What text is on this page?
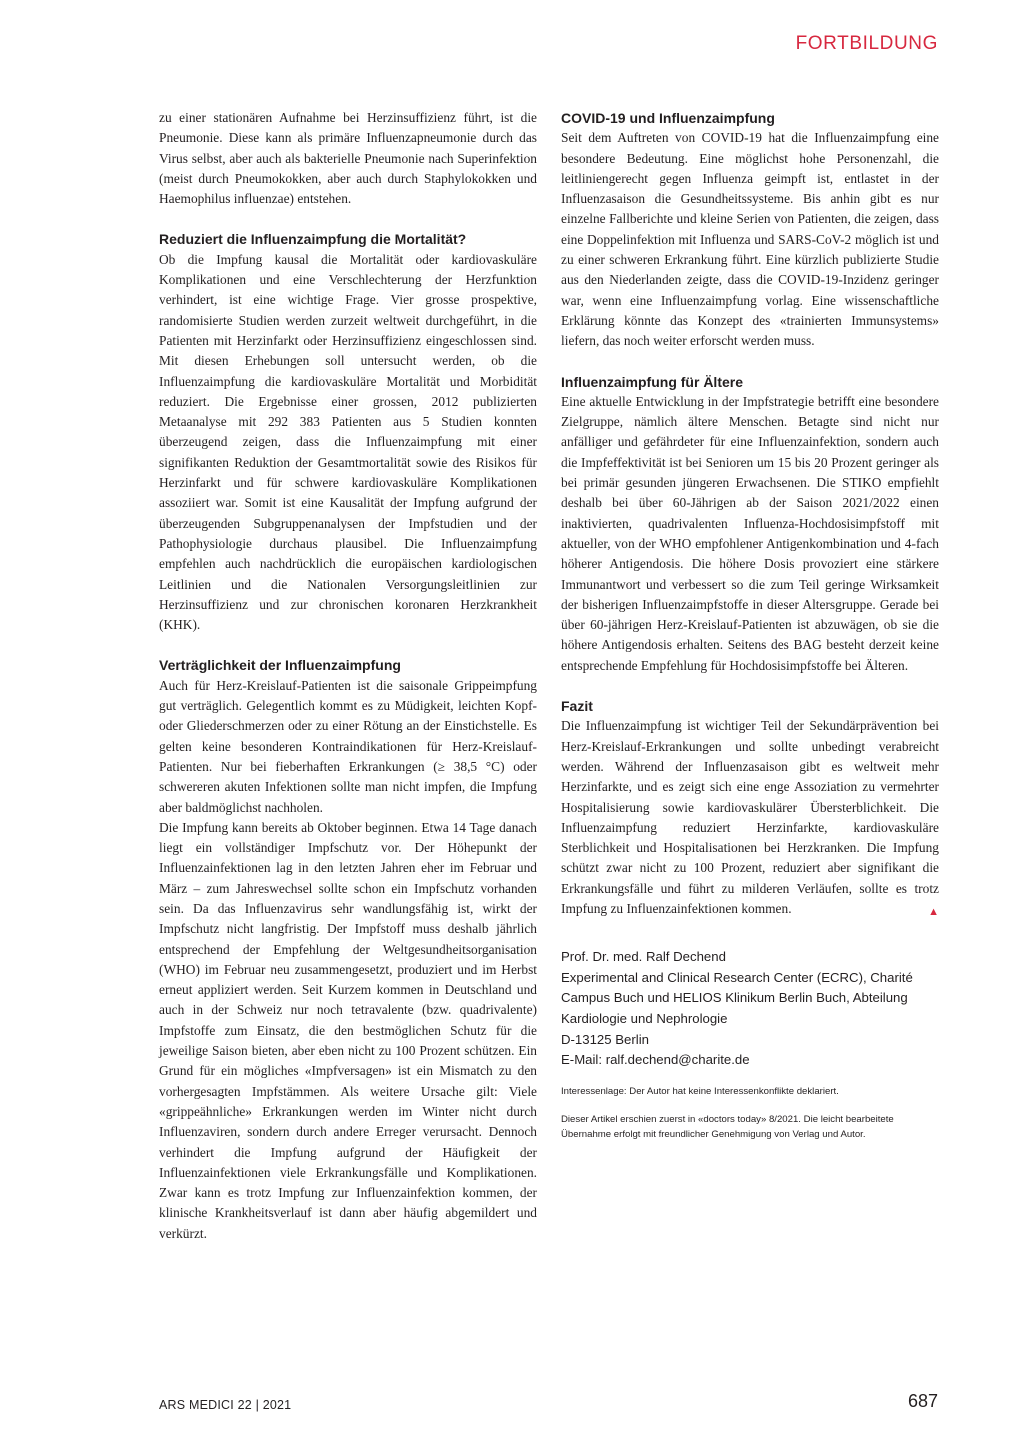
FORTBILDUNG

zu einer stationären Aufnahme bei Herzinsuffizienz führt, ist die Pneumonie. Diese kann als primäre Influenzapneumonie durch das Virus selbst, aber auch als bakterielle Pneumonie nach Superinfektion (meist durch Pneumokokken, aber auch durch Staphylokokken und Haemophilus influenzae) entstehen.

Reduziert die Influenzaimpfung die Mortalität?

Ob die Impfung kausal die Mortalität oder kardiovaskuläre Komplikationen und eine Verschlechterung der Herzfunktion verhindert, ist eine wichtige Frage. Vier grosse prospektive, randomisierte Studien werden zurzeit weltweit durchgeführt, in die Patienten mit Herzinfarkt oder Herzinsuffizienz eingeschlossen sind. Mit diesen Erhebungen soll untersucht werden, ob die Influenzaimpfung die kardiovaskuläre Mortalität und Morbidität reduziert. Die Ergebnisse einer grossen, 2012 publizierten Metaanalyse mit 292 383 Patienten aus 5 Studien konnten überzeugend zeigen, dass die Influenzaimpfung mit einer signifikanten Reduktion der Gesamtmortalität sowie des Risikos für Herzinfarkt und für schwere kardiovaskuläre Komplikationen assoziiert war. Somit ist eine Kausalität der Impfung aufgrund der überzeugenden Subgruppenanalysen der Impfstudien und der Pathophysiologie durchaus plausibel. Die Influenzaimpfung empfehlen auch nachdrücklich die europäischen kardiologischen Leitlinien und die Nationalen Versorgungsleitlinien zur Herzinsuffizienz und zur chronischen koronaren Herzkrankheit (KHK).

Verträglichkeit der Influenzaimpfung

Auch für Herz-Kreislauf-Patienten ist die saisonale Grippeimpfung gut verträglich. Gelegentlich kommt es zu Müdigkeit, leichten Kopf- oder Gliederschmerzen oder zu einer Rötung an der Einstichstelle. Es gelten keine besonderen Kontraindikationen für Herz-Kreislauf-Patienten. Nur bei fieberhaften Erkrankungen (≥ 38,5 °C) oder schwereren akuten Infektionen sollte man nicht impfen, die Impfung aber baldmöglichst nachholen.

Die Impfung kann bereits ab Oktober beginnen. Etwa 14 Tage danach liegt ein vollständiger Impfschutz vor. Der Höhepunkt der Influenzainfektionen lag in den letzten Jahren eher im Februar und März – zum Jahreswechsel sollte schon ein Impfschutz vorhanden sein. Da das Influenzavirus sehr wandlungsfähig ist, wirkt der Impfschutz nicht langfristig. Der Impfstoff muss deshalb jährlich entsprechend der Empfehlung der Weltgesundheitsorganisation (WHO) im Februar neu zusammengesetzt, produziert und im Herbst erneut appliziert werden. Seit Kurzem kommen in Deutschland und auch in der Schweiz nur noch tetravalente (bzw. quadrivalente) Impfstoffe zum Einsatz, die den bestmöglichen Schutz für die jeweilige Saison bieten, aber eben nicht zu 100 Prozent schützen. Ein Grund für ein mögliches «Impfversagen» ist ein Mismatch zu den vorhergesagten Impfstämmen. Als weitere Ursache gilt: Viele «grippeähnliche» Erkrankungen werden im Winter nicht durch Influenzaviren, sondern durch andere Erreger verursacht. Dennoch verhindert die Impfung aufgrund der Häufigkeit der Influenzainfektionen viele Erkrankungsfälle und Komplikationen. Zwar kann es trotz Impfung zur Influenzainfektion kommen, der klinische Krankheitsverlauf ist dann aber häufig abgemildert und verkürzt.

COVID-19 und Influenzaimpfung

Seit dem Auftreten von COVID-19 hat die Influenzaimpfung eine besondere Bedeutung. Eine möglichst hohe Personenzahl, die leitliniengerecht gegen Influenza geimpft ist, entlastet in der Influenzasaison die Gesundheitssysteme. Bis anhin gibt es nur einzelne Fallberichte und kleine Serien von Patienten, die zeigen, dass eine Doppelinfektion mit Influenza und SARS-CoV-2 möglich ist und zu einer schweren Erkrankung führt. Eine kürzlich publizierte Studie aus den Niederlanden zeigte, dass die COVID-19-Inzidenz geringer war, wenn eine Influenzaimpfung vorlag. Eine wissenschaftliche Erklärung könnte das Konzept des «trainierten Immunsystems» liefern, das noch weiter erforscht werden muss.

Influenzaimpfung für Ältere

Eine aktuelle Entwicklung in der Impfstrategie betrifft eine besondere Zielgruppe, nämlich ältere Menschen. Betagte sind nicht nur anfälliger und gefährdeter für eine Influenzainfektion, sondern auch die Impfeffektivität ist bei Senioren um 15 bis 20 Prozent geringer als bei primär gesunden jüngeren Erwachsenen. Die STIKO empfiehlt deshalb bei über 60-Jährigen ab der Saison 2021/2022 einen inaktivierten, quadrivalenten Influenza-Hochdosisimpfstoff mit aktueller, von der WHO empfohlener Antigenkombination und 4-fach höherer Antigendosis. Die höhere Dosis provoziert eine stärkere Immunantwort und verbessert so die zum Teil geringe Wirksamkeit der bisherigen Influenzaimpfstoffe in dieser Altersgruppe. Gerade bei über 60-jährigen Herz-Kreislauf-Patienten ist abzuwägen, ob sie die höhere Antigendosis erhalten. Seitens des BAG besteht derzeit keine entsprechende Empfehlung für Hochdosisimpfstoffe bei Älteren.

Fazit

Die Influenzaimpfung ist wichtiger Teil der Sekundärprävention bei Herz-Kreislauf-Erkrankungen und sollte unbedingt verabreicht werden. Während der Influenzasaison gibt es weltweit mehr Herzinfarkte, und es zeigt sich eine enge Assoziation zu vermehrter Hospitalisierung sowie kardiovaskulärer Übersterblichkeit. Die Influenzaimpfung reduziert Herzinfarkte, kardiovaskuläre Sterblichkeit und Hospitalisationen bei Herzkranken. Die Impfung schützt zwar nicht zu 100 Prozent, reduziert aber signifikant die Erkrankungsfälle und führt zu milderen Verläufen, sollte es trotz Impfung zu Influenzainfektionen kommen.	▲

Prof. Dr. med. Ralf Dechend

Experimental and Clinical Research Center (ECRC), Charité Campus Buch und HELIOS Klinikum Berlin Buch, Abteilung Kardiologie und Nephrologie

D-13125 Berlin

E-Mail: ralf.dechend@charite.de

Interessenlage: Der Autor hat keine Interessenkonflikte deklariert.

Dieser Artikel erschien zuerst in «doctors today» 8/2021. Die leicht bearbeitete Übernahme erfolgt mit freundlicher Genehmigung von Verlag und Autor.

ARS MEDICI 22 | 2021	687
